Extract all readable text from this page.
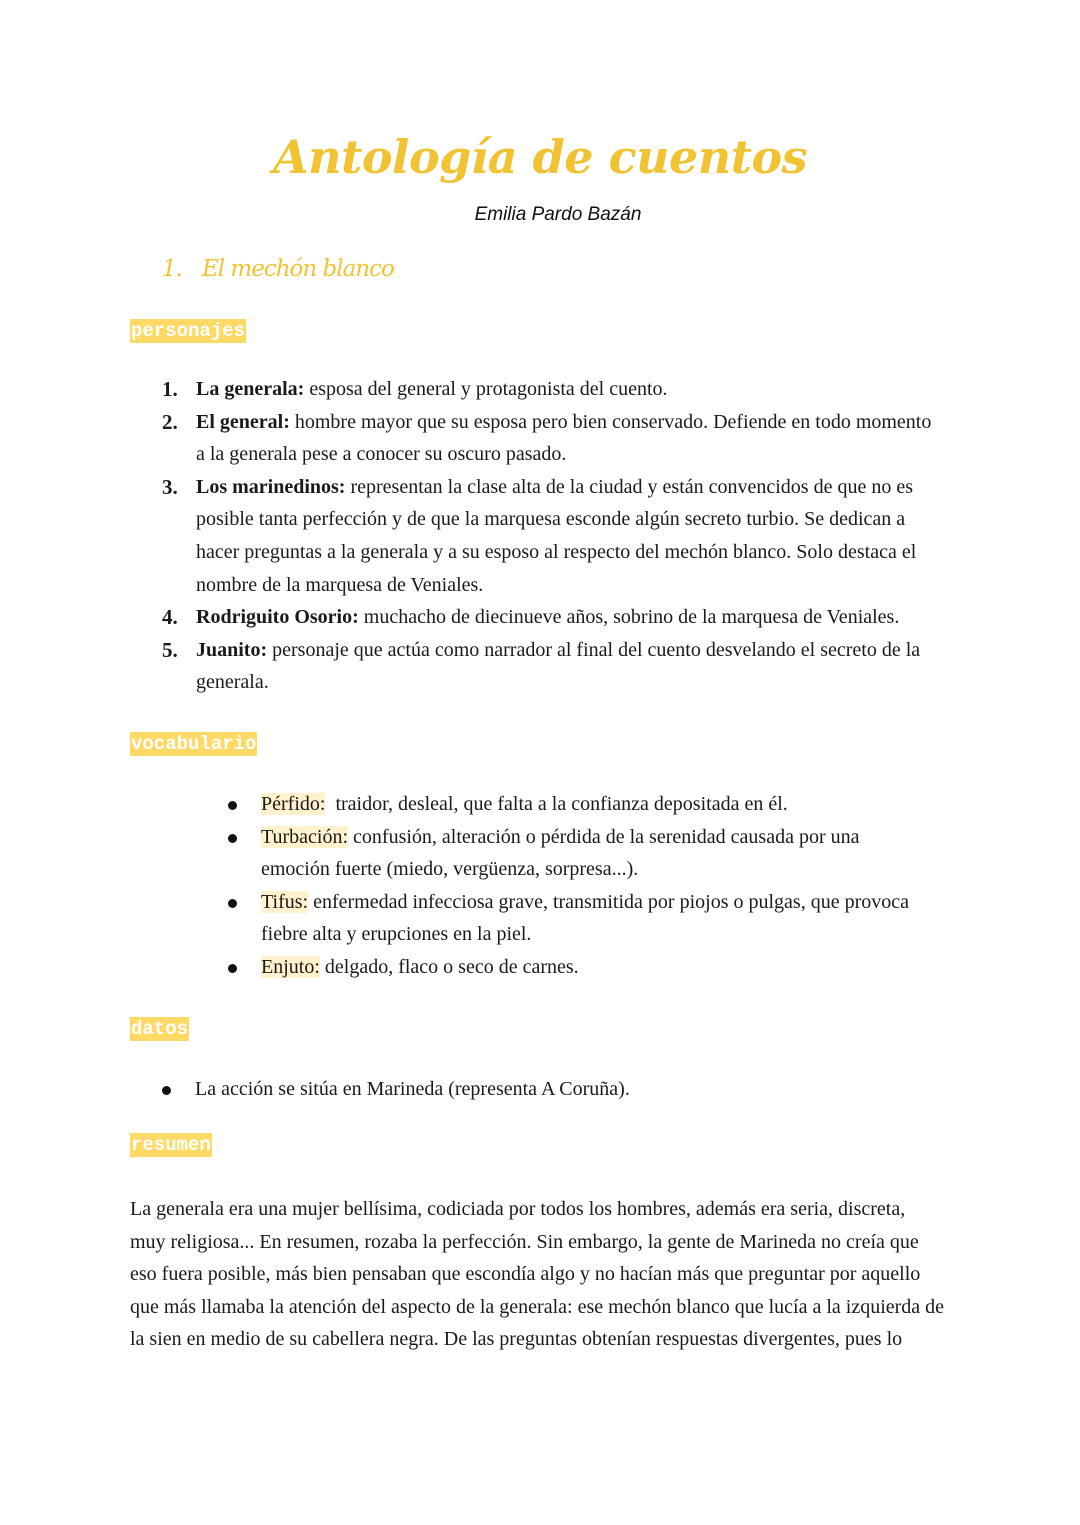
Antología de cuentos
Emilia Pardo Bazán
1. El mechón blanco
personajes
1. La generala: esposa del general y protagonista del cuento.
2. El general: hombre mayor que su esposa pero bien conservado. Defiende en todo momento a la generala pese a conocer su oscuro pasado.
3. Los marinedinos: representan la clase alta de la ciudad y están convencidos de que no es posible tanta perfección y de que la marquesa esconde algún secreto turbio. Se dedican a hacer preguntas a la generala y a su esposo al respecto del mechón blanco. Solo destaca el nombre de la marquesa de Veniales.
4. Rodriguito Osorio: muchacho de diecinueve años, sobrino de la marquesa de Veniales.
5. Juanito: personaje que actúa como narrador al final del cuento desvelando el secreto de la generala.
vocabulario
Pérfido:  traidor, desleal, que falta a la confianza depositada en él.
Turbación: confusión, alteración o pérdida de la serenidad causada por una emoción fuerte (miedo, vergüenza, sorpresa...).
Tifus: enfermedad infecciosa grave, transmitida por piojos o pulgas, que provoca fiebre alta y erupciones en la piel.
Enjuto: delgado, flaco o seco de carnes.
datos
La acción se sitúa en Marineda (representa A Coruña).
resumen

La generala era una mujer bellísima, codiciada por todos los hombres, además era seria, discreta, muy religiosa... En resumen, rozaba la perfección. Sin embargo, la gente de Marineda no creía que eso fuera posible, más bien pensaban que escondía algo y no hacían más que preguntar por aquello que más llamaba la atención del aspecto de la generala: ese mechón blanco que lucía a la izquierda de la sien en medio de su cabellera negra. De las preguntas obtenían respuestas divergentes, pues lo
